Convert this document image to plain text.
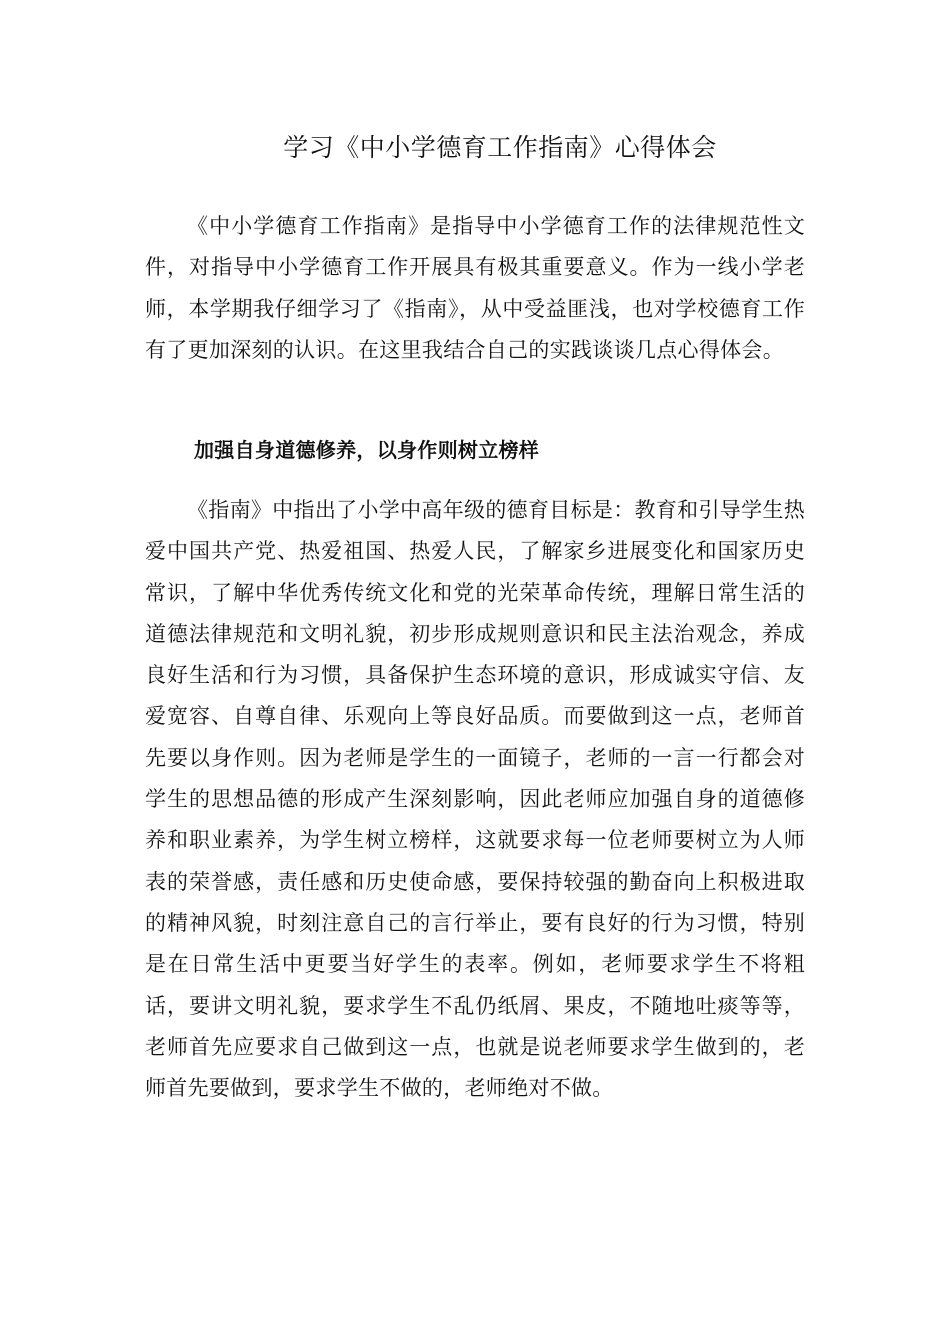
学习《中小学德育工作指南》心得体会

《中小学德育工作指南》是指导中小学德育工作的法律规范性文件，对指导中小学德育工作开展具有极其重要意义。作为一线小学老师，本学期我仔细学习了《指南》，从中受益匪浅，也对学校德育工作有了更加深刻的认识。在这里我结合自己的实践谈谈几点心得体会。

加强自身道德修养，以身作则树立榜样

《指南》中指出了小学中高年级的德育目标是：教育和引导学生热爱中国共产党、热爱祖国、热爱人民，了解家乡进展变化和国家历史常识，了解中华优秀传统文化和党的光荣革命传统，理解日常生活的道德法律规范和文明礼貌，初步形成规则意识和民主法治观念，养成良好生活和行为习惯，具备保护生态环境的意识，形成诚实守信、友爱宽容、自尊自律、乐观向上等良好品质。而要做到这一点，老师首先要以身作则。因为老师是学生的一面镜子，老师的一言一行都会对学生的思想品德的形成产生深刻影响，因此老师应加强自身的道德修养和职业素养，为学生树立榜样，这就要求每一位老师要树立为人师表的荣誉感，责任感和历史使命感，要保持较强的勤奋向上积极进取的精神风貌，时刻注意自己的言行举止，要有良好的行为习惯，特别是在日常生活中更要当好学生的表率。例如，老师要求学生不将粗话，要讲文明礼貌，要求学生不乱仍纸屑、果皮，不随地吐痰等等，老师首先应要求自己做到这一点，也就是说老师要求学生做到的，老师首先要做到，要求学生不做的，老师绝对不做。
